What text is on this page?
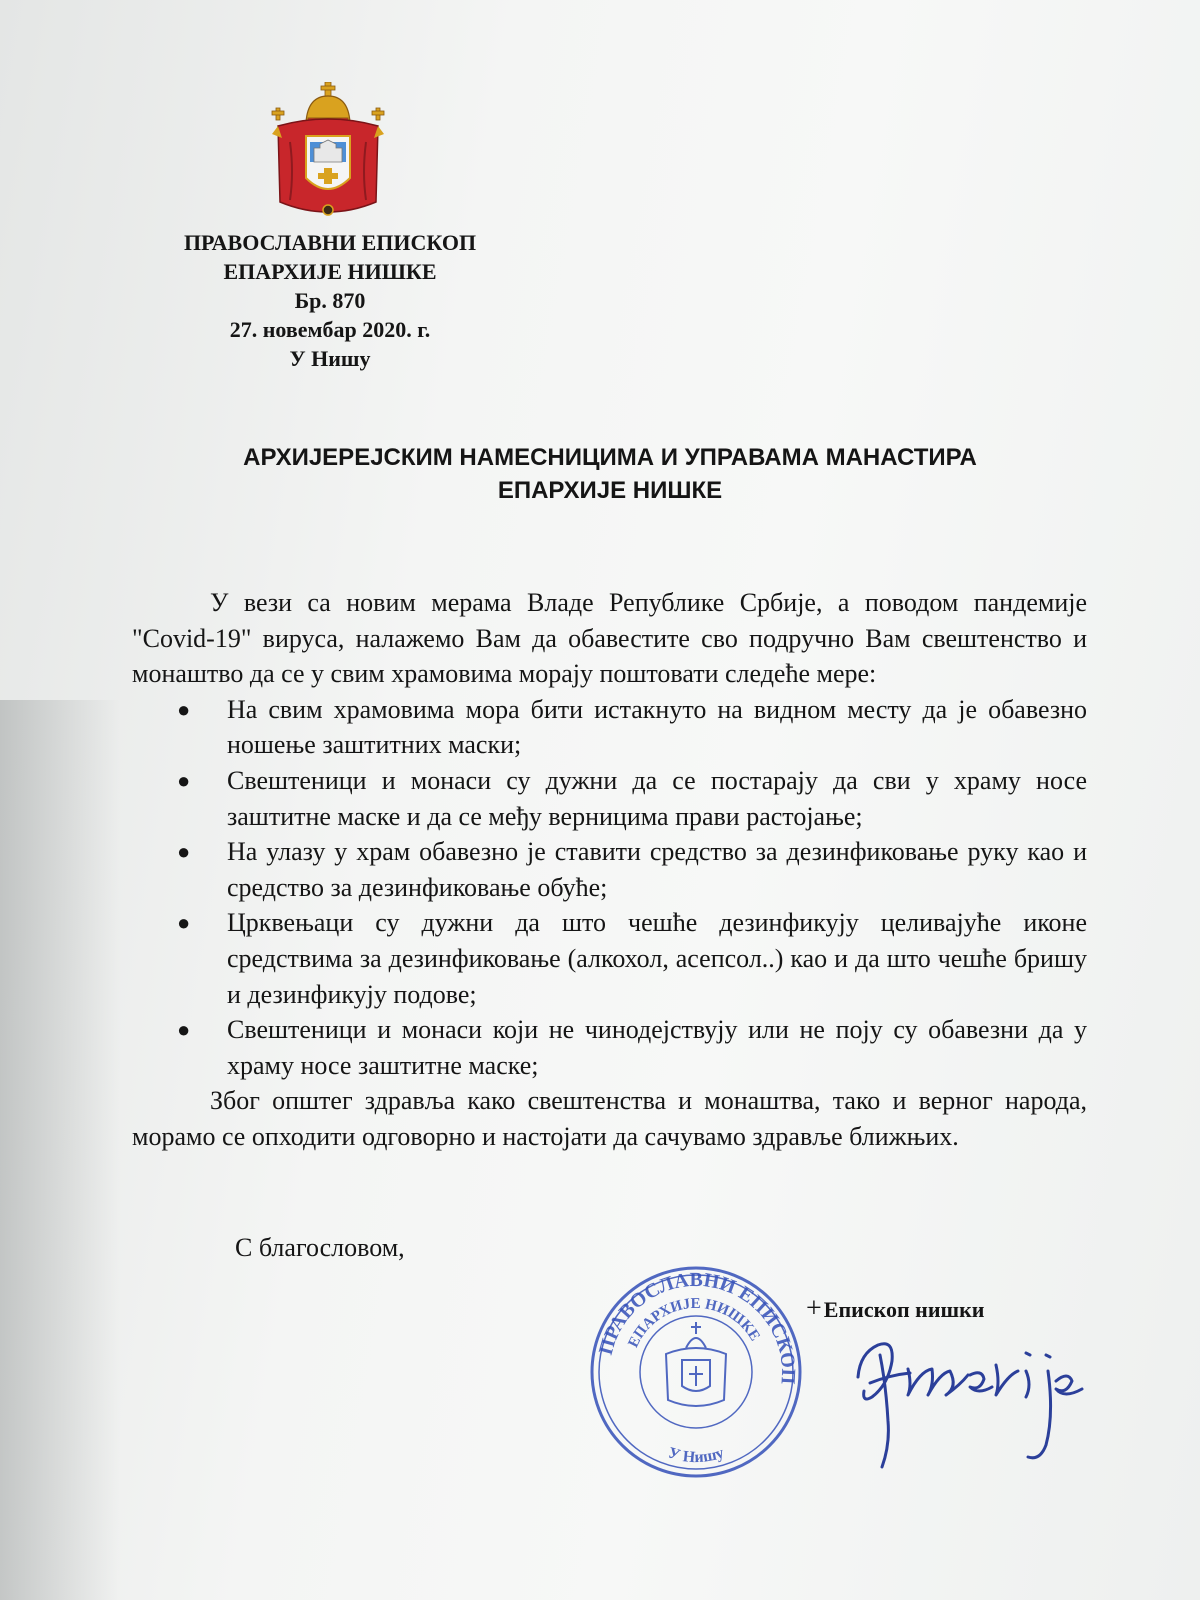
ПРАВОСЛАВНИ ЕПИСКОП
ЕПАРХИЈЕ НИШКЕ
Бр. 870
27. новембар 2020. г.
У Нишу
АРХИЈЕРЕЈСКИМ НАМЕСНИЦИМА И УПРАВАМА МАНАСТИРА
ЕПАРХИЈЕ НИШКЕ

У вези са новим мерама Владе Републике Србије, а поводом пандемије "Covid-19" вируса, налажемо Вам да обавестите сво подручно Вам свештенство и монаштво да се у свим храмовима морају поштовати следеће мере:

● На свим храмовима мора бити истакнуто на видном месту да је обавезно ношење заштитних маски;
● Свештеници и монаси су дужни да се постарају да сви у храму носе заштитне маске и да се међу верницима прави растојање;
● На улазу у храм обавезно је ставити средство за дезинфиковање руку као и средство за дезинфиковање обуће;
● Црквењаци су дужни да што чешће дезинфикују целивајуће иконе средствима за дезинфиковање (алкохол, асепсол..) као и да што чешће бришу и дезинфикују подове;
● Свештеници и монаси који не чинодејствују или не поју су обавезни да у храму носе заштитне маске;

Због општег здравља како свештенства и монаштва, тако и верног народа, морамо се опходити одговорно и настојати да сачувамо здравље ближњих.

С благословом,
ПРАВОСЛАВНИ ЕПИСКОП
ЕПАРХИЈЕ НИШКЕ
У Нишу
+Епископ нишки
